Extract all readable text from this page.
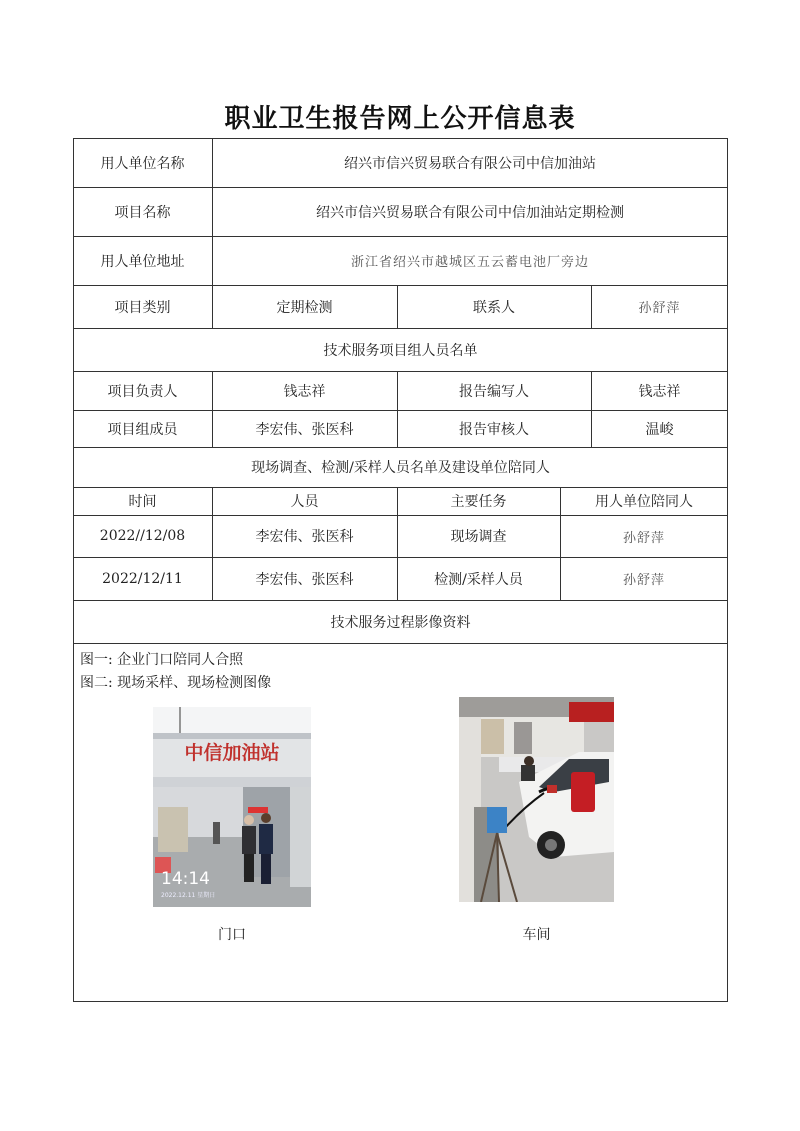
职业卫生报告网上公开信息表
用人单位名称	绍兴市信兴贸易联合有限公司中信加油站
项目名称	绍兴市信兴贸易联合有限公司中信加油站定期检测
用人单位地址	浙江省绍兴市越城区五云蓄电池厂旁边
项目类别	定期检测	联系人	孙舒萍
技术服务项目组人员名单
项目负责人	钱志祥	报告编写人	钱志祥
项目组成员	李宏伟、张医科	报告审核人	温峻
现场调查、检测/采样人员名单及建设单位陪同人
时间	人员	主要任务	用人单位陪同人
2022//12/08	李宏伟、张医科	现场调查	孙舒萍
2022/12/11	李宏伟、张医科	检测/采样人员	孙舒萍
技术服务过程影像资料
图一: 企业门口陪同人合照
图二: 现场采样、现场检测图像
中信加油站
14:14
2022.12.11 星期日
门口	车间
